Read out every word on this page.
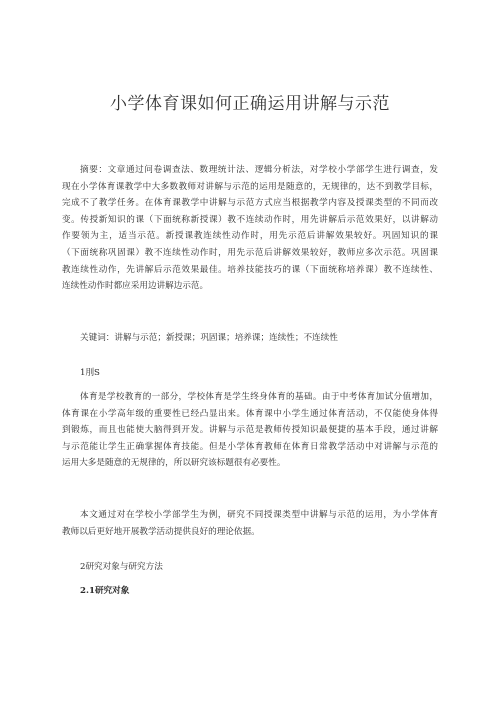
小学体育课如何正确运用讲解与示范
摘要：文章通过问卷调查法、数理统计法、逻辑分析法，对学校小学部学生进行调查，发
现在小学体育课教学中大多数教师对讲解与示范的运用是随意的，无规律的，达不到教学目标，
完成不了教学任务。在体育课教学中讲解与示范方式应当根据教学内容及授课类型的不同而改
变。传授新知识的课（下面统称新授课）教不连续动作时，用先讲解后示范效果好，以讲解动
作要领为主，适当示范。新授课教连续性动作时，用先示范后讲解效果较好。巩固知识的课
（下面统称巩固课）教不连续性动作时，用先示范后讲解效果较好，教师应多次示范。巩固课
教连续性动作，先讲解后示范效果最佳。培养技能技巧的课（下面统称培养课）教不连续性、
连续性动作时都应采用边讲解边示范。
关键词：讲解与示范；新授课；巩固课；培养课；连续性；不连续性
1刖S
体育是学校教育的一部分，学校体育是学生终身体育的基础。由于中考体育加试分值增加，
体育课在小学高年级的重要性已经凸显出来。体育课中小学生通过体育活动，不仅能使身体得
到锻炼，而且也能使大脑得到开发。讲解与示范是教师传授知识最便捷的基本手段，通过讲解
与示范能让学生正确掌握体育技能。但是小学体育教师在体育日常教学活动中对讲解与示范的
运用大多是随意的无规律的，所以研究该标题很有必要性。
本文通过对在学校小学部学生为例，研究不同授课类型中讲解与示范的运用，为小学体育
教师以后更好地开展教学活动提供良好的理论依据。
2研究对象与研究方法
2.1研究对象
